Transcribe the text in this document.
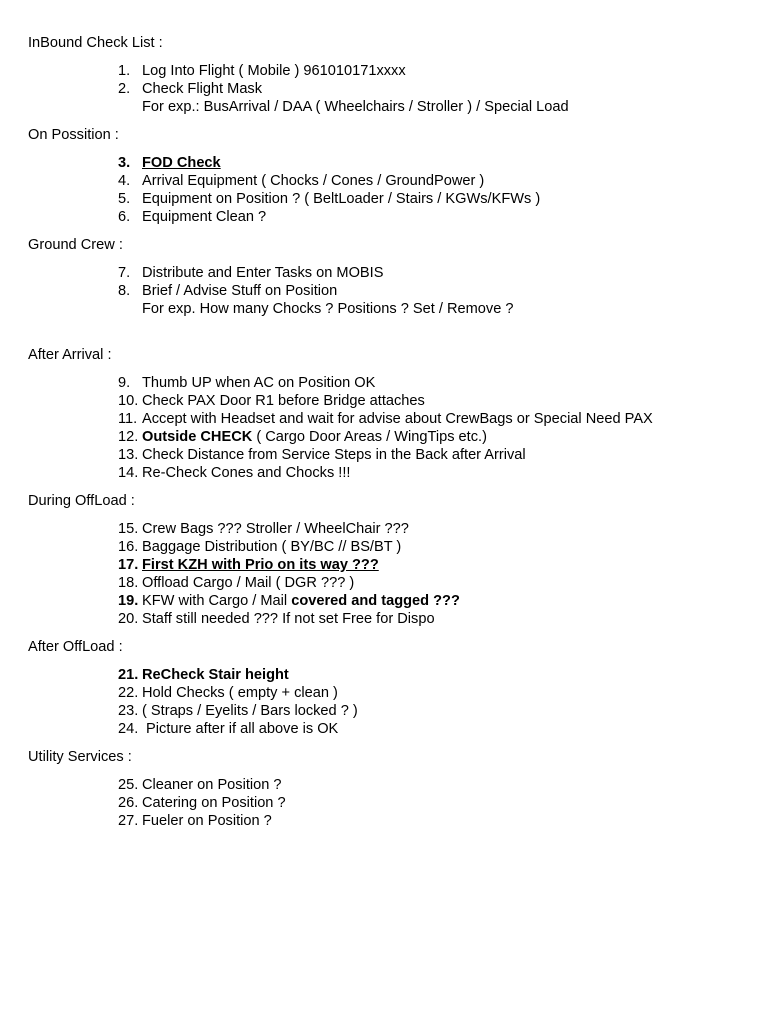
InBound Check List :
1. Log Into Flight ( Mobile ) 961010171xxxx
2. Check Flight Mask
For exp.: BusArrival / DAA ( Wheelchairs / Stroller ) / Special Load
On Possition :
3. FOD Check
4. Arrival Equipment ( Chocks / Cones / GroundPower )
5. Equipment on Position ? ( BeltLoader / Stairs / KGWs/KFWs )
6. Equipment Clean ?
Ground Crew :
7. Distribute and Enter Tasks on MOBIS
8. Brief / Advise Stuff on Position
For exp. How many Chocks ? Positions ? Set / Remove ?
After Arrival :
9. Thumb UP when AC on Position OK
10. Check PAX Door R1 before Bridge attaches
11. Accept with Headset and wait for advise about CrewBags or Special Need PAX
12. Outside CHECK ( Cargo Door Areas / WingTips etc.)
13. Check Distance from Service Steps in the Back after Arrival
14. Re-Check Cones and Chocks !!!
During OffLoad :
15. Crew Bags ??? Stroller / WheelChair ???
16. Baggage Distribution ( BY/BC // BS/BT )
17. First KZH with Prio on its way ???
18. Offload Cargo / Mail ( DGR ??? )
19. KFW with Cargo / Mail covered and tagged ???
20. Staff still needed ??? If not set Free for Dispo
After OffLoad :
21. ReCheck Stair height
22. Hold Checks ( empty + clean )
23. ( Straps / Eyelits / Bars locked ? )
24. Picture after if all above is OK
Utility Services :
25. Cleaner on Position ?
26. Catering on Position ?
27. Fueler on Position ?
